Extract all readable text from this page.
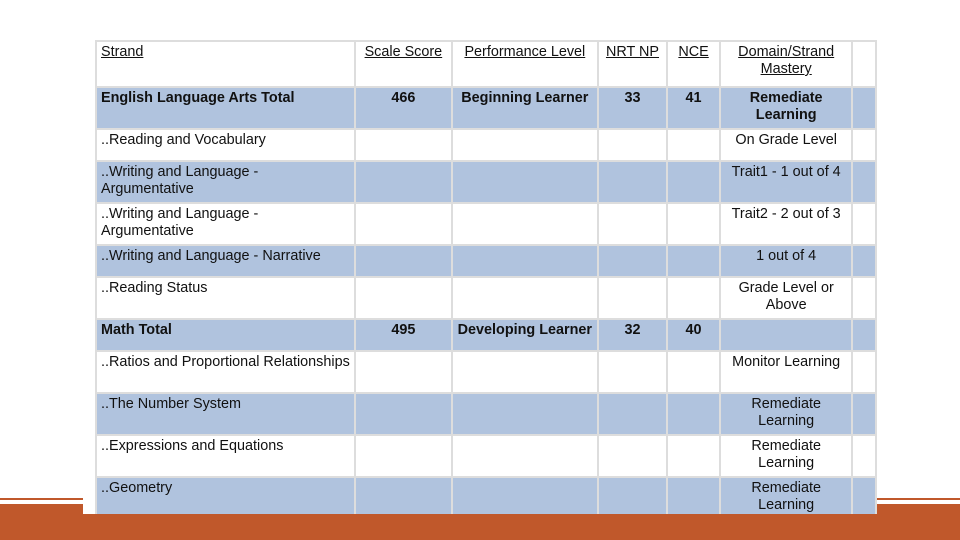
Strand	Scale Score	Performance Level	NRT NP	NCE	Domain/Strand Mastery	
English Language Arts Total	466	Beginning Learner	33	41	Remediate Learning	
..Reading and Vocabulary					On Grade Level	
..Writing and Language - Argumentative					Trait1 - 1 out of 4	
..Writing and Language - Argumentative					Trait2 - 2 out of 3	
..Writing and Language - Narrative					1 out of 4	
..Reading Status					Grade Level or Above	
Math Total	495	Developing Learner	32	40		
..Ratios and Proportional Relationships					Monitor Learning	
..The Number System					Remediate Learning	
..Expressions and Equations					Remediate Learning	
..Geometry					Remediate Learning	
